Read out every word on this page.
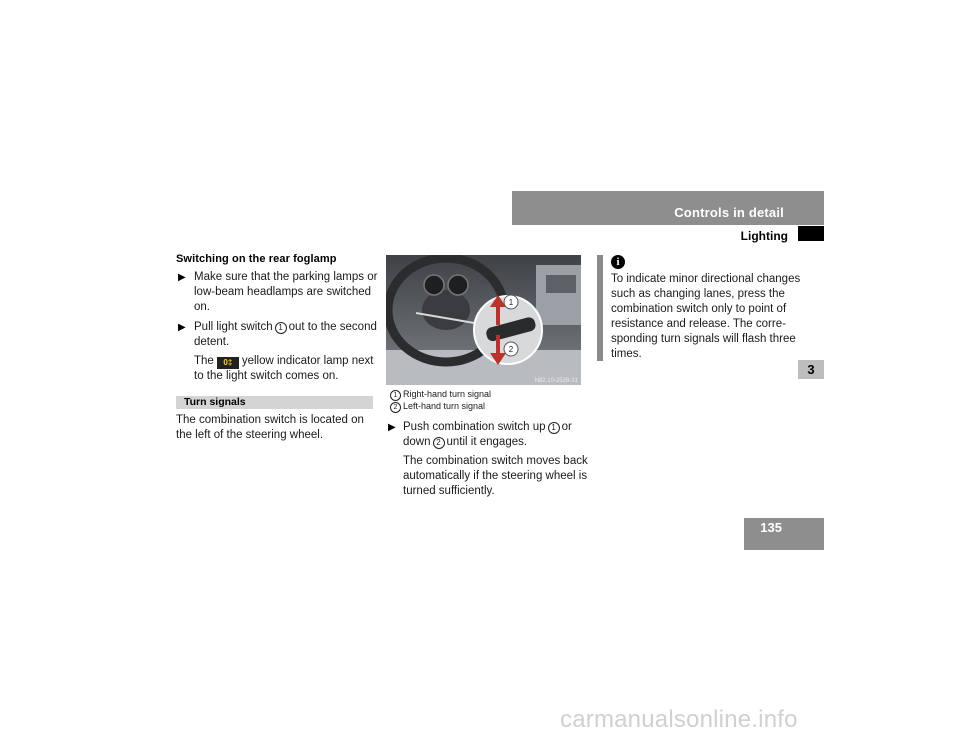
Controls in detail
Lighting
Switching on the rear foglamp
▶ Make sure that the parking lamps or
low-beam headlamps are switched
on.
▶ Pull light switch 1 out to the second
detent.
The 0‡ yellow indicator lamp next
to the light switch comes on.
Turn signals
The combination switch is located on
the left of the steering wheel.
1
2
N82.10-2528-31
1 Right-hand turn signal
2 Left-hand turn signal
▶ Push combination switch up 1 or
down 2 until it engages.
The combination switch moves back
automatically if the steering wheel is
turned sufficiently.
i
To indicate minor directional changes
such as changing lanes, press the
combination switch only to point of
resistance and release. The corre-
sponding turn signals will flash three
times.
3
135
carmanualsonline.info
